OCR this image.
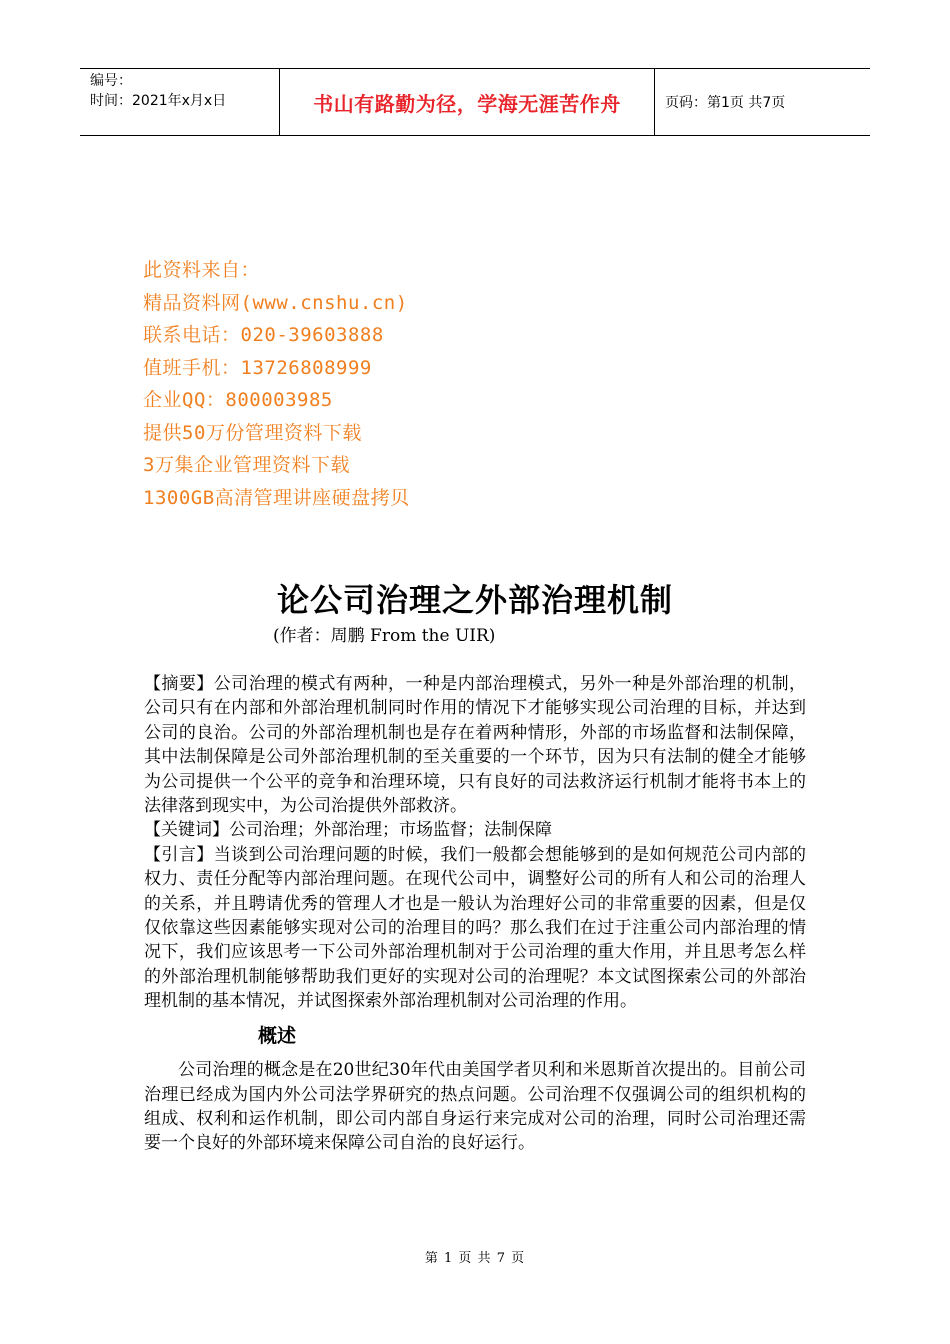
编号：
时间：2021年x月x日	书山有路勤为径，学海无涯苦作舟	页码：第1页 共7页
此资料来自：
精品资料网(www.cnshu.cn)
联系电话：020-39603888
值班手机：13726808999
企业QQ：800003985
提供50万份管理资料下载
3万集企业管理资料下载
1300GB高清管理讲座硬盘拷贝
论公司治理之外部治理机制
(作者：周鹏 From the UIR)

【摘要】公司治理的模式有两种，一种是内部治理模式，另外一种是外部治理的机制，公司只有在内部和外部治理机制同时作用的情况下才能够实现公司治理的目标，并达到公司的良治。公司的外部治理机制也是存在着两种情形，外部的市场监督和法制保障，其中法制保障是公司外部治理机制的至关重要的一个环节，因为只有法制的健全才能够为公司提供一个公平的竞争和治理环境，只有良好的司法救济运行机制才能将书本上的法律落到现实中，为公司治提供外部救济。

【关键词】公司治理；外部治理；市场监督；法制保障

【引言】当谈到公司治理问题的时候，我们一般都会想能够到的是如何规范公司内部的权力、责任分配等内部治理问题。在现代公司中，调整好公司的所有人和公司的治理人的关系，并且聘请优秀的管理人才也是一般认为治理好公司的非常重要的因素，但是仅仅依靠这些因素能够实现对公司的治理目的吗？那么我们在过于注重公司内部治理的情况下，我们应该思考一下公司外部治理机制对于公司治理的重大作用，并且思考怎么样的外部治理机制能够帮助我们更好的实现对公司的治理呢？本文试图探索公司的外部治理机制的基本情况，并试图探索外部治理机制对公司治理的作用。

概述

公司治理的概念是在20世纪30年代由美国学者贝利和米恩斯首次提出的。目前公司治理已经成为国内外公司法学界研究的热点问题。公司治理不仅强调公司的组织机构的组成、权利和运作机制，即公司内部自身运行来完成对公司的治理，同时公司治理还需要一个良好的外部环境来保障公司自治的良好运行。

第 1 页 共 7 页
